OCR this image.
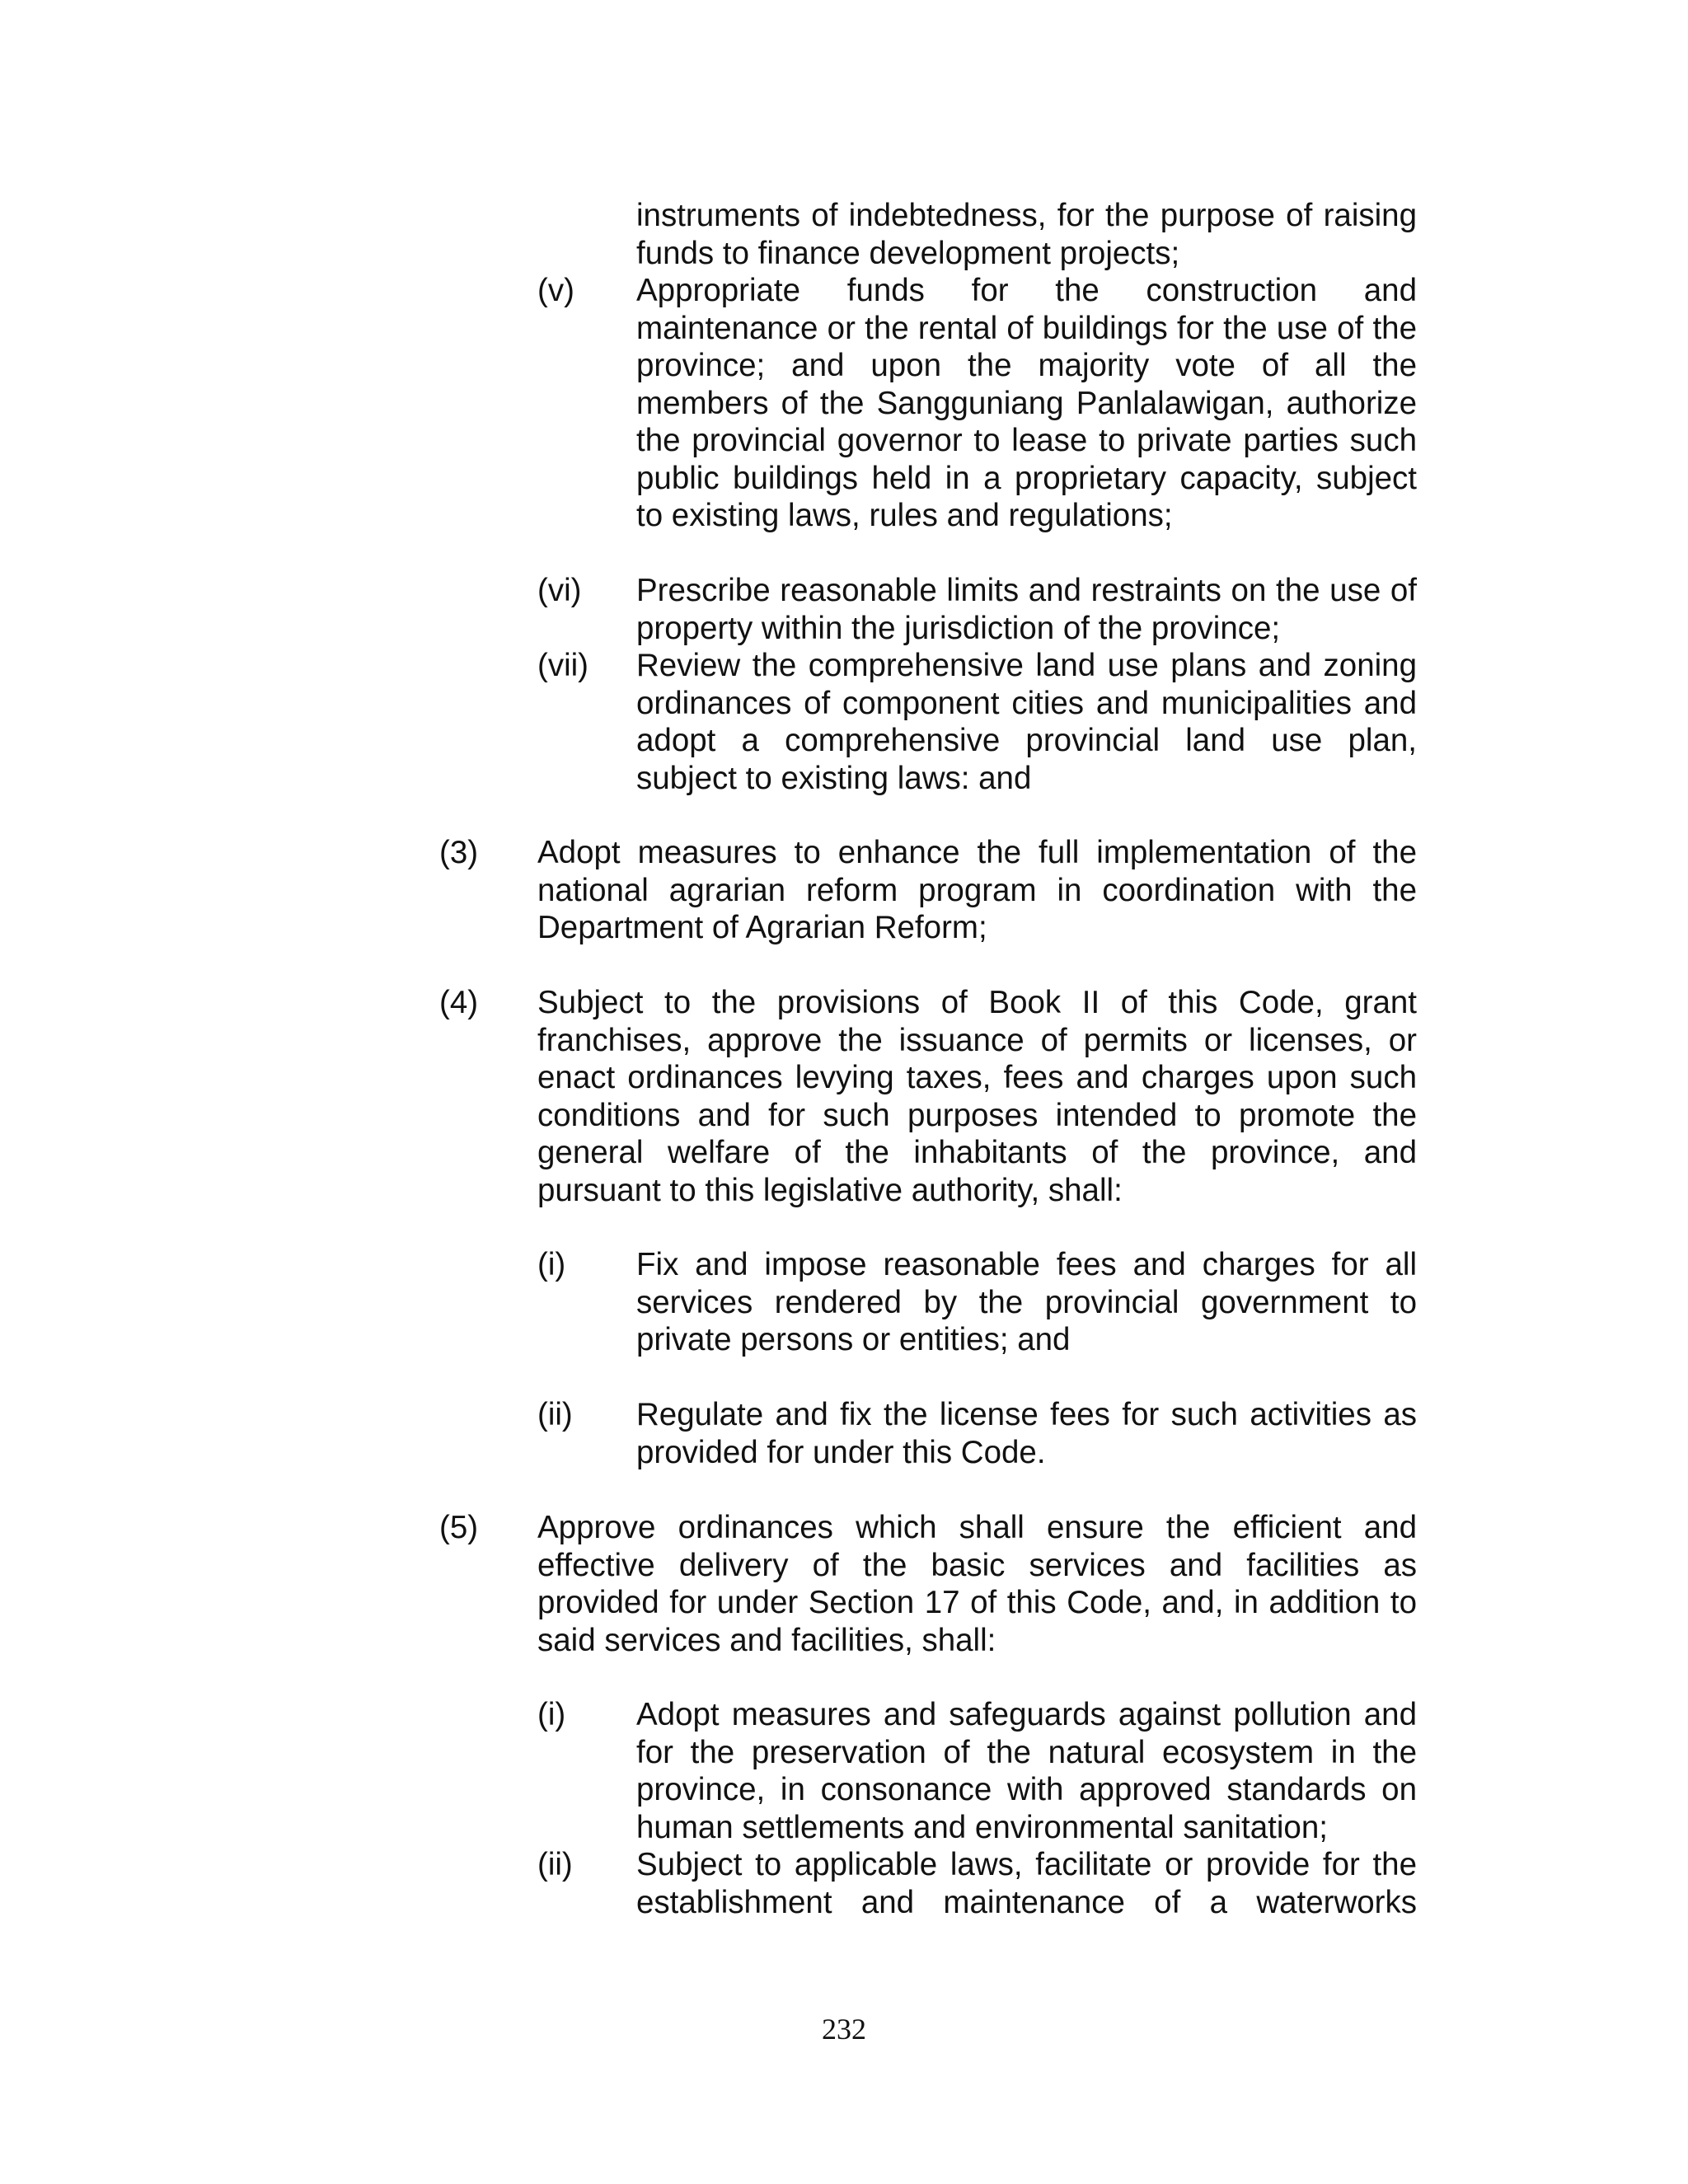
instruments of indebtedness, for the purpose of raising funds to finance development projects;

(v) Appropriate funds for the construction and maintenance or the rental of buildings for the use of the province; and upon the majority vote of all the members of the Sangguniang Panlalawigan, authorize the provincial governor to lease to private parties such public buildings held in a proprietary capacity, subject to existing laws, rules and regulations;

(vi) Prescribe reasonable limits and restraints on the use of property within the jurisdiction of the province;

(vii) Review the comprehensive land use plans and zoning ordinances of component cities and municipalities and adopt a comprehensive provincial land use plan, subject to existing laws: and

(3) Adopt measures to enhance the full implementation of the national agrarian reform program in coordination with the Department of Agrarian Reform;

(4) Subject to the provisions of Book II of this Code, grant franchises, approve the issuance of permits or licenses, or enact ordinances levying taxes, fees and charges upon such conditions and for such purposes intended to promote the general welfare of the inhabitants of the province, and pursuant to this legislative authority, shall:

(i) Fix and impose reasonable fees and charges for all services rendered by the provincial government to private persons or entities; and

(ii) Regulate and fix the license fees for such activities as provided for under this Code.

(5) Approve ordinances which shall ensure the efficient and effective delivery of the basic services and facilities as provided for under Section 17 of this Code, and, in addition to said services and facilities, shall:

(i) Adopt measures and safeguards against pollution and for the preservation of the natural ecosystem in the province, in consonance with approved standards on human settlements and environmental sanitation;

(ii) Subject to applicable laws, facilitate or provide for the establishment and maintenance of a waterworks

232
